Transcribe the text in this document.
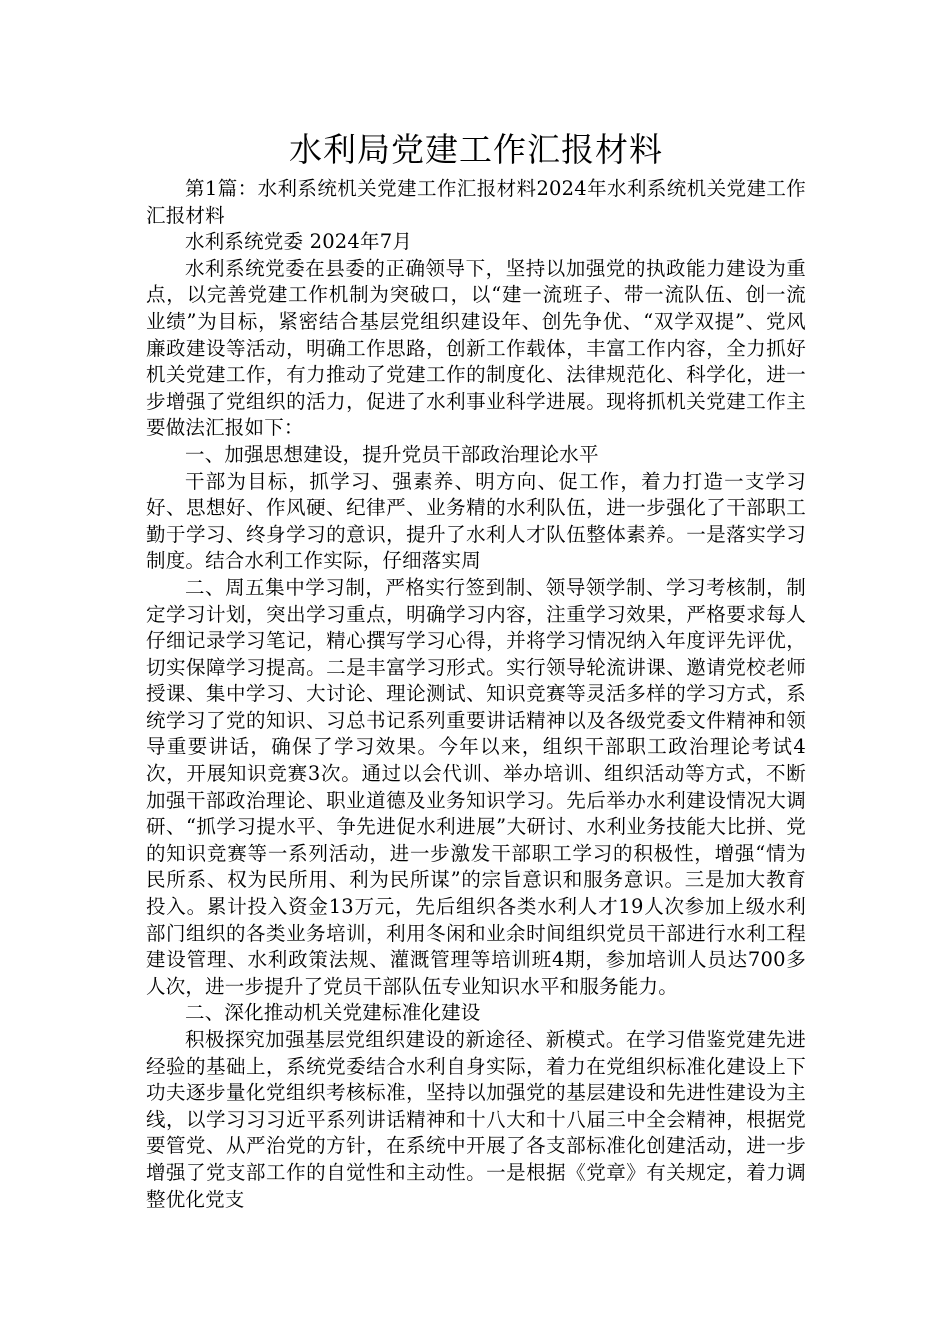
水利局党建工作汇报材料

第1篇：水利系统机关党建工作汇报材料2024年水利系统机关党建工作汇报材料

水利系统党委 2024年7月

水利系统党委在县委的正确领导下，坚持以加强党的执政能力建设为重点，以完善党建工作机制为突破口，以“建一流班子、带一流队伍、创一流业绩”为目标，紧密结合基层党组织建设年、创先争优、“双学双提”、党风廉政建设等活动，明确工作思路，创新工作载体，丰富工作内容，全力抓好机关党建工作，有力推动了党建工作的制度化、法律规范化、科学化，进一步增强了党组织的活力，促进了水利事业科学进展。现将抓机关党建工作主要做法汇报如下：

一、加强思想建设，提升党员干部政治理论水平

干部为目标，抓学习、强素养、明方向、促工作，着力打造一支学习好、思想好、作风硬、纪律严、业务精的水利队伍，进一步强化了干部职工勤于学习、终身学习的意识，提升了水利人才队伍整体素养。一是落实学习制度。结合水利工作实际，仔细落实周

二、周五集中学习制，严格实行签到制、领导领学制、学习考核制，制定学习计划，突出学习重点，明确学习内容，注重学习效果，严格要求每人仔细记录学习笔记，精心撰写学习心得，并将学习情况纳入年度评先评优，切实保障学习提高。二是丰富学习形式。实行领导轮流讲课、邀请党校老师授课、集中学习、大讨论、理论测试、知识竞赛等灵活多样的学习方式，系统学习了党的知识、习总书记系列重要讲话精神以及各级党委文件精神和领导重要讲话，确保了学习效果。今年以来，组织干部职工政治理论考试4次，开展知识竞赛3次。通过以会代训、举办培训、组织活动等方式，不断加强干部政治理论、职业道德及业务知识学习。先后举办水利建设情况大调研、“抓学习提水平、争先进促水利进展”大研讨、水利业务技能大比拼、党的知识竞赛等一系列活动，进一步激发干部职工学习的积极性，增强“情为民所系、权为民所用、利为民所谋”的宗旨意识和服务意识。三是加大教育投入。累计投入资金13万元，先后组织各类水利人才19人次参加上级水利部门组织的各类业务培训，利用冬闲和业余时间组织党员干部进行水利工程建设管理、水利政策法规、灌溉管理等培训班4期，参加培训人员达700多人次，进一步提升了党员干部队伍专业知识水平和服务能力。

二、深化推动机关党建标准化建设

积极探究加强基层党组织建设的新途径、新模式。在学习借鉴党建先进经验的基础上，系统党委结合水利自身实际，着力在党组织标准化建设上下功夫逐步量化党组织考核标准，坚持以加强党的基层建设和先进性建设为主线，以学习习习近平系列讲话精神和十八大和十八届三中全会精神，根据党要管党、从严治党的方针，在系统中开展了各支部标准化创建活动，进一步增强了党支部工作的自觉性和主动性。一是根据《党章》有关规定，着力调整优化党支
